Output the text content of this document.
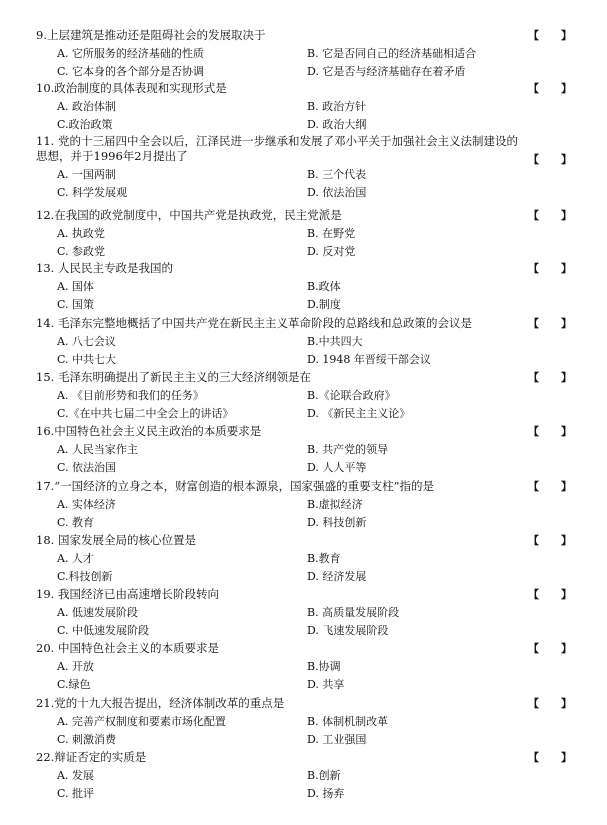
9.上层建筑是推动还是阻碍社会的发展取决于	【 】
A. 它所服务的经济基础的性质	B. 它是否同自己的经济基础相适合
C. 它本身的各个部分是否协调	D. 它是否与经济基础存在着矛盾
10.政治制度的具体表现和实现形式是	【 】
A. 政治体制	B. 政治方针
C.政治政策	D. 政治大纲
11. 党的十三届四中全会以后，江泽民进一步继承和发展了邓小平关于加强社会主义法制建设的思想，并于1996年2月提出了	【 】
A. 一国两制	B. 三个代表
C. 科学发展观	D. 依法治国
12.在我国的政党制度中，中国共产党是执政党，民主党派是	【 】
A. 执政党	B. 在野党
C. 参政党	D. 反对党
13. 人民民主专政是我国的	【 】
A. 国体	B.政体
C. 国策	D.制度
14. 毛泽东完整地概括了中国共产党在新民主主义革命阶段的总路线和总政策的会议是	【 】
A. 八七会议	B.中共四大
C. 中共七大	D. 1948 年晋绥干部会议
15. 毛泽东明确提出了新民主主义的三大经济纲领是在	【 】
A. 《目前形势和我们的任务》	B.《论联合政府》
C.《在中共七届二中全会上的讲话》	D. 《新民主主义论》
16.中国特色社会主义民主政治的本质要求是	【 】
A. 人民当家作主	B. 共产党的领导
C. 依法治国	D. 人人平等
17.“一国经济的立身之本，财富创造的根本源泉，国家强盛的重要支柱”指的是	【 】
A. 实体经济	B.虚拟经济
C. 教育	D. 科技创新
18. 国家发展全局的核心位置是	【 】
A. 人才	B.教育
C.科技创新	D. 经济发展
19. 我国经济已由高速增长阶段转向	【 】
A. 低速发展阶段	B. 高质量发展阶段
C. 中低速发展阶段	D. 飞速发展阶段
20. 中国特色社会主义的本质要求是	【 】
A. 开放	B.协调
C.绿色	D. 共享
21.党的十九大报告提出，经济体制改革的重点是	【 】
A. 完善产权制度和要素市场化配置	B. 体制机制改革
C. 刺激消费	D. 工业强国
22.辩证否定的实质是	【 】
A. 发展	B.创新
C. 批评	D. 扬弃
